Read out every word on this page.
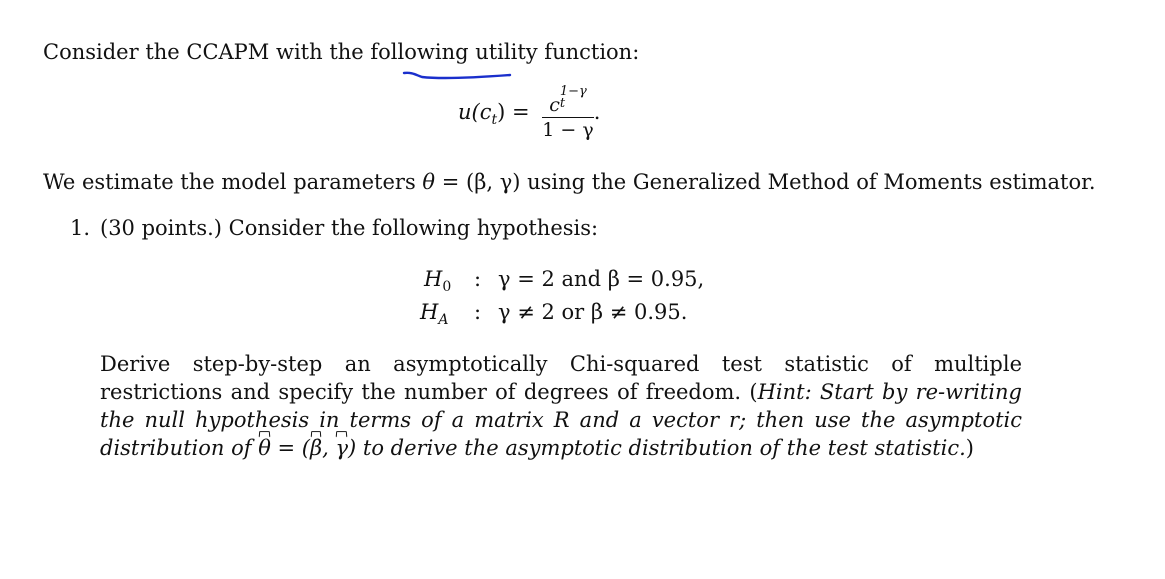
Consider the CCAPM with the following utility function:
$u(c_t) = c$
1−γ
t
1 − γ .
We estimate the model parameters θ = (β, γ) using the Generalized Method of Moments estimator.
1. (30 points.) Consider the following hypothesis:
$H_0$ : γ = 2 and β = 0.95,
$H_A$ : γ ≠ 2 or β ≠ 0.95.
Derive step-by-step an asymptotically Chi-squared test statistic of multiple restrictions and specify the number of degrees of freedom. (Hint: Start by re-writing the null hypothesis in terms of a matrix R and a vector r; then use the asymptotic distribution of θ = (β, γ) to derive the asymptotic distribution of the test statistic.)
